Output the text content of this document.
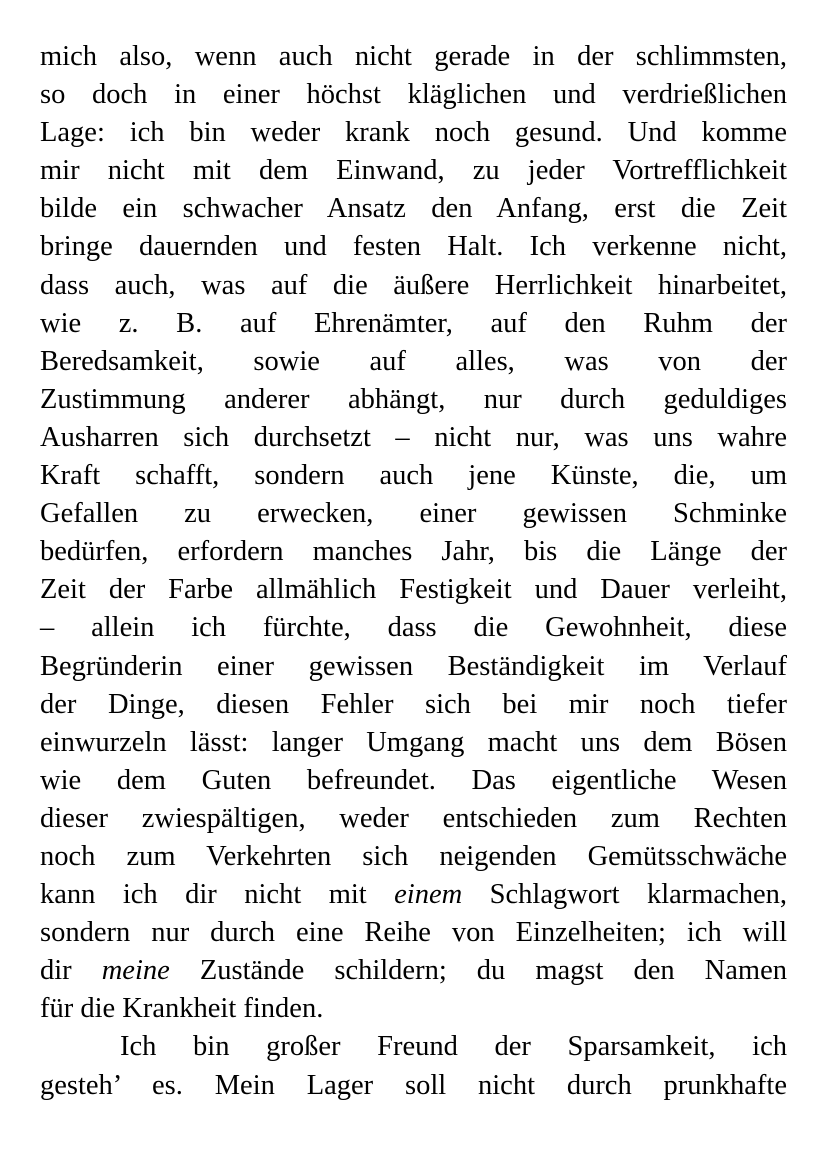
mich also, wenn auch nicht gerade in der schlimmsten,
so doch in einer höchst kläglichen und verdrießlichen
Lage: ich bin weder krank noch gesund. Und komme
mir nicht mit dem Einwand, zu jeder Vortrefflichkeit
bilde ein schwacher Ansatz den Anfang, erst die Zeit
bringe dauernden und festen Halt. Ich verkenne nicht,
dass auch, was auf die äußere Herrlichkeit hinarbeitet,
wie z. B. auf Ehrenämter, auf den Ruhm der
Beredsamkeit, sowie auf alles, was von der
Zustimmung anderer abhängt, nur durch geduldiges
Ausharren sich durchsetzt – nicht nur, was uns wahre
Kraft schafft, sondern auch jene Künste, die, um
Gefallen zu erwecken, einer gewissen Schminke
bedürfen, erfordern manches Jahr, bis die Länge der
Zeit der Farbe allmählich Festigkeit und Dauer verleiht,
– allein ich fürchte, dass die Gewohnheit, diese
Begründerin einer gewissen Beständigkeit im Verlauf
der Dinge, diesen Fehler sich bei mir noch tiefer
einwurzeln lässt: langer Umgang macht uns dem Bösen
wie dem Guten befreundet. Das eigentliche Wesen
dieser zwiespältigen, weder entschieden zum Rechten
noch zum Verkehrten sich neigenden Gemütsschwäche
kann ich dir nicht mit einem Schlagwort klarmachen,
sondern nur durch eine Reihe von Einzelheiten; ich will
dir meine Zustände schildern; du magst den Namen
für die Krankheit finden.
Ich bin großer Freund der Sparsamkeit, ich
gesteh’ es. Mein Lager soll nicht durch prunkhafte
